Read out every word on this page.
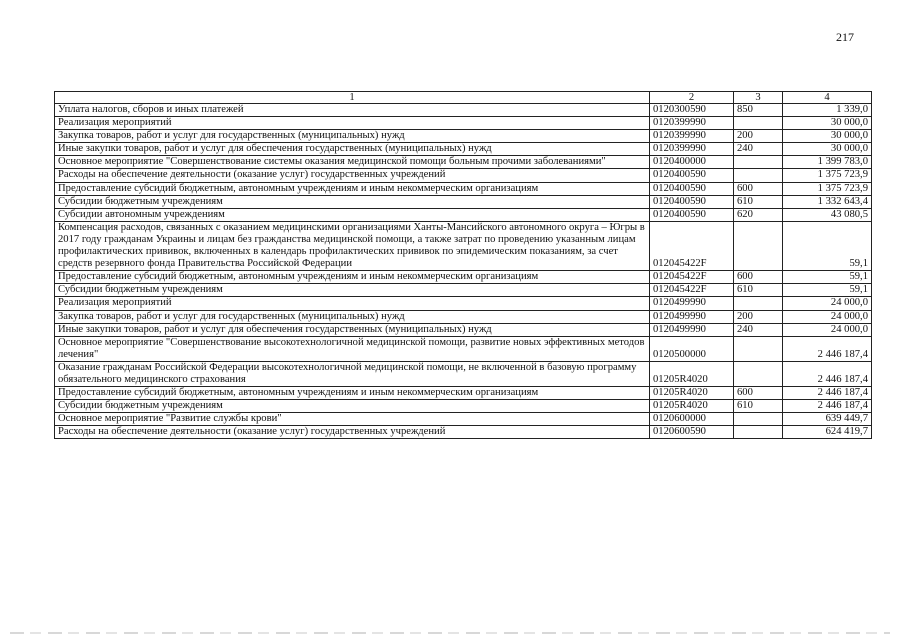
217
1	2	3	4
Уплата налогов, сборов и иных платежей	0120300590	850	1 339,0
Реализация мероприятий	0120399990		30 000,0
Закупка товаров, работ и услуг для государственных (муниципальных) нужд	0120399990	200	30 000,0
Иные закупки товаров, работ и услуг для обеспечения государственных (муниципальных) нужд	0120399990	240	30 000,0
Основное мероприятие "Совершенствование системы оказания медицинской помощи больным прочими заболеваниями"	0120400000		1 399 783,0
Расходы на обеспечение деятельности (оказание услуг) государственных учреждений	0120400590		1 375 723,9
Предоставление субсидий бюджетным, автономным учреждениям и иным некоммерческим организациям	0120400590	600	1 375 723,9
Субсидии бюджетным учреждениям	0120400590	610	1 332 643,4
Субсидии автономным учреждениям	0120400590	620	43 080,5
Компенсация расходов, связанных с оказанием медицинскими организациями Ханты-Мансийского автономного округа – Югры в 2017 году гражданам Украины и лицам без гражданства медицинской помощи, а также затрат по проведению указанным лицам профилактических прививок, включенных в календарь профилактических прививок по эпидемическим показаниям, за счет средств резервного фонда Правительства Российской Федерации	012045422F		59,1
Предоставление субсидий бюджетным, автономным учреждениям и иным некоммерческим организациям	012045422F	600	59,1
Субсидии бюджетным учреждениям	012045422F	610	59,1
Реализация мероприятий	0120499990		24 000,0
Закупка товаров, работ и услуг для государственных (муниципальных) нужд	0120499990	200	24 000,0
Иные закупки товаров, работ и услуг для обеспечения государственных (муниципальных) нужд	0120499990	240	24 000,0
Основное мероприятие "Совершенствование высокотехнологичной медицинской помощи, развитие новых эффективных методов лечения"	0120500000		2 446 187,4
Оказание гражданам Российской Федерации высокотехнологичной медицинской помощи, не включенной в базовую программу обязательного медицинского страхования	01205R4020		2 446 187,4
Предоставление субсидий бюджетным, автономным учреждениям и иным некоммерческим организациям	01205R4020	600	2 446 187,4
Субсидии бюджетным учреждениям	01205R4020	610	2 446 187,4
Основное мероприятие "Развитие службы крови"	0120600000		639 449,7
Расходы на обеспечение деятельности (оказание услуг) государственных учреждений	0120600590		624 419,7
